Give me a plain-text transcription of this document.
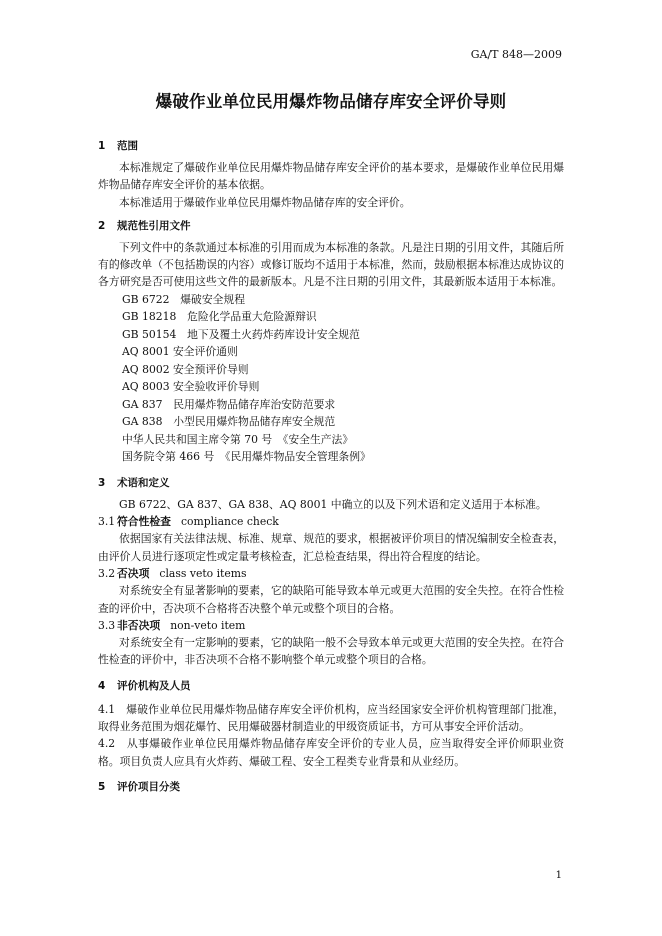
GA/T 848—2009
爆破作业单位民用爆炸物品储存库安全评价导则
1 范围
本标准规定了爆破作业单位民用爆炸物品储存库安全评价的基本要求，是爆破作业单位民用爆炸物品储存库安全评价的基本依据。
本标准适用于爆破作业单位民用爆炸物品储存库的安全评价。
2 规范性引用文件
下列文件中的条款通过本标准的引用而成为本标准的条款。凡是注日期的引用文件，其随后所有的修改单（不包括勘误的内容）或修订版均不适用于本标准，然而，鼓励根据本标准达成协议的各方研究是否可使用这些文件的最新版本。凡是不注日期的引用文件，其最新版本适用于本标准。
GB 6722　爆破安全规程
GB 18218　危险化学品重大危险源辩识
GB 50154　地下及覆土火药炸药库设计安全规范
AQ 8001 安全评价通则
AQ 8002 安全预评价导则
AQ 8003 安全验收评价导则
GA 837　民用爆炸物品储存库治安防范要求
GA 838　小型民用爆炸物品储存库安全规范
中华人民共和国主席令第 70 号　《安全生产法》
国务院令第 466 号　《民用爆炸物品安全管理条例》
3 术语和定义
GB 6722、GA 837、GA 838、AQ 8001 中确立的以及下列术语和定义适用于本标准。
3.1 符合性检查 compliance check
依据国家有关法律法规、标准、规章、规范的要求，根据被评价项目的情况编制安全检查表，由评价人员进行逐项定性或定量考核检查，汇总检查结果，得出符合程度的结论。
3.2 否决项 class veto items
对系统安全有显著影响的要素，它的缺陷可能导致本单元或更大范围的安全失控。在符合性检查的评价中，否决项不合格将否决整个单元或整个项目的合格。
3.3 非否决项 non-veto item
对系统安全有一定影响的要素，它的缺陷一般不会导致本单元或更大范围的安全失控。在符合性检查的评价中，非否决项不合格不影响整个单元或整个项目的合格。
4 评价机构及人员
4.1　爆破作业单位民用爆炸物品储存库安全评价机构，应当经国家安全评价机构管理部门批准，取得业务范围为烟花爆竹、民用爆破器材制造业的甲级资质证书，方可从事安全评价活动。
4.2　从事爆破作业单位民用爆炸物品储存库安全评价的专业人员，应当取得安全评价师职业资格。项目负责人应具有火炸药、爆破工程、安全工程类专业背景和从业经历。
5 评价项目分类
1
